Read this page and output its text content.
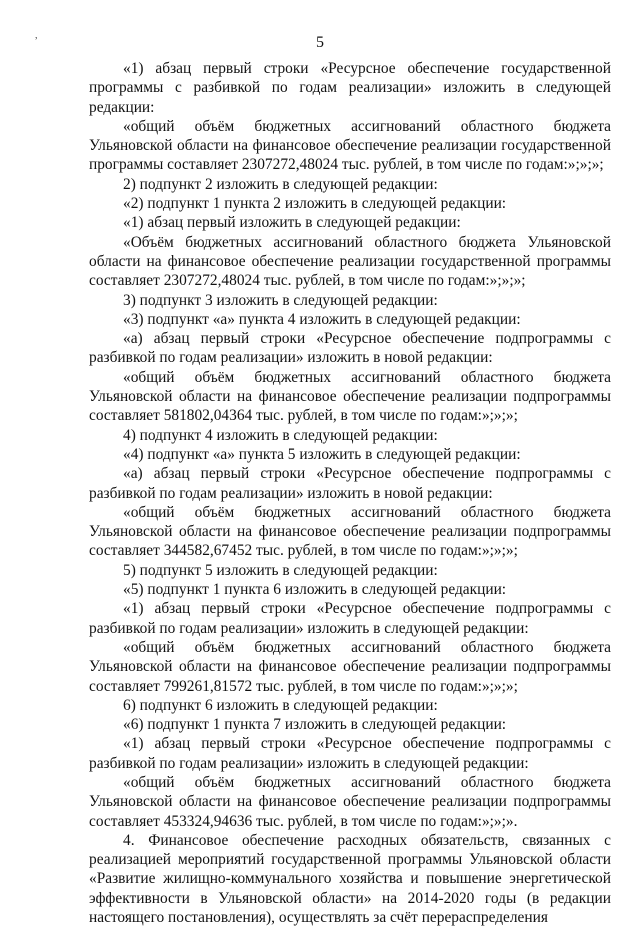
,	5

«1) абзац первый строки «Ресурсное обеспечение государственной программы с разбивкой по годам реализации» изложить в следующей редакции:

«общий объём бюджетных ассигнований областного бюджета Ульяновской области на финансовое обеспечение реализации государственной программы составляет 2307272,48024 тыс. рублей, в том числе по годам:»;»;»;

2) подпункт 2 изложить в следующей редакции:

«2) подпункт 1 пункта 2 изложить в следующей редакции:

«1) абзац первый изложить в следующей редакции:

«Объём бюджетных ассигнований областного бюджета Ульяновской области на финансовое обеспечение реализации государственной программы составляет 2307272,48024 тыс. рублей, в том числе по годам:»;»;»;

3) подпункт 3 изложить в следующей редакции:

«3) подпункт «а» пункта 4 изложить в следующей редакции:

«а) абзац первый строки «Ресурсное обеспечение подпрограммы с разбивкой по годам реализации» изложить в новой редакции:

«общий объём бюджетных ассигнований областного бюджета Ульяновской области на финансовое обеспечение реализации подпрограммы составляет 581802,04364 тыс. рублей, в том числе по годам:»;»;»;

4) подпункт 4 изложить в следующей редакции:

«4) подпункт «а» пункта 5 изложить в следующей редакции:

«а) абзац первый строки «Ресурсное обеспечение подпрограммы с разбивкой по годам реализации» изложить в новой редакции:

«общий объём бюджетных ассигнований областного бюджета Ульяновской области на финансовое обеспечение реализации подпрограммы составляет 344582,67452 тыс. рублей, в том числе по годам:»;»;»;

5) подпункт 5 изложить в следующей редакции:

«5) подпункт 1 пункта 6 изложить в следующей редакции:

«1) абзац первый строки «Ресурсное обеспечение подпрограммы с разбивкой по годам реализации» изложить в следующей редакции:

«общий объём бюджетных ассигнований областного бюджета Ульяновской области на финансовое обеспечение реализации подпрограммы составляет 799261,81572 тыс. рублей, в том числе по годам:»;»;»;

6) подпункт 6 изложить в следующей редакции:

«6) подпункт 1 пункта 7 изложить в следующей редакции:

«1) абзац первый строки «Ресурсное обеспечение подпрограммы с разбивкой по годам реализации» изложить в следующей редакции:

«общий объём бюджетных ассигнований областного бюджета Ульяновской области на финансовое обеспечение реализации подпрограммы составляет 453324,94636 тыс. рублей, в том числе по годам:»;»;».

4. Финансовое обеспечение расходных обязательств, связанных с реализацией мероприятий государственной программы Ульяновской области «Развитие жилищно-коммунального хозяйства и повышение энергетической эффективности в Ульяновской области» на 2014-2020 годы (в редакции настоящего постановления), осуществлять за счёт перераспределения
